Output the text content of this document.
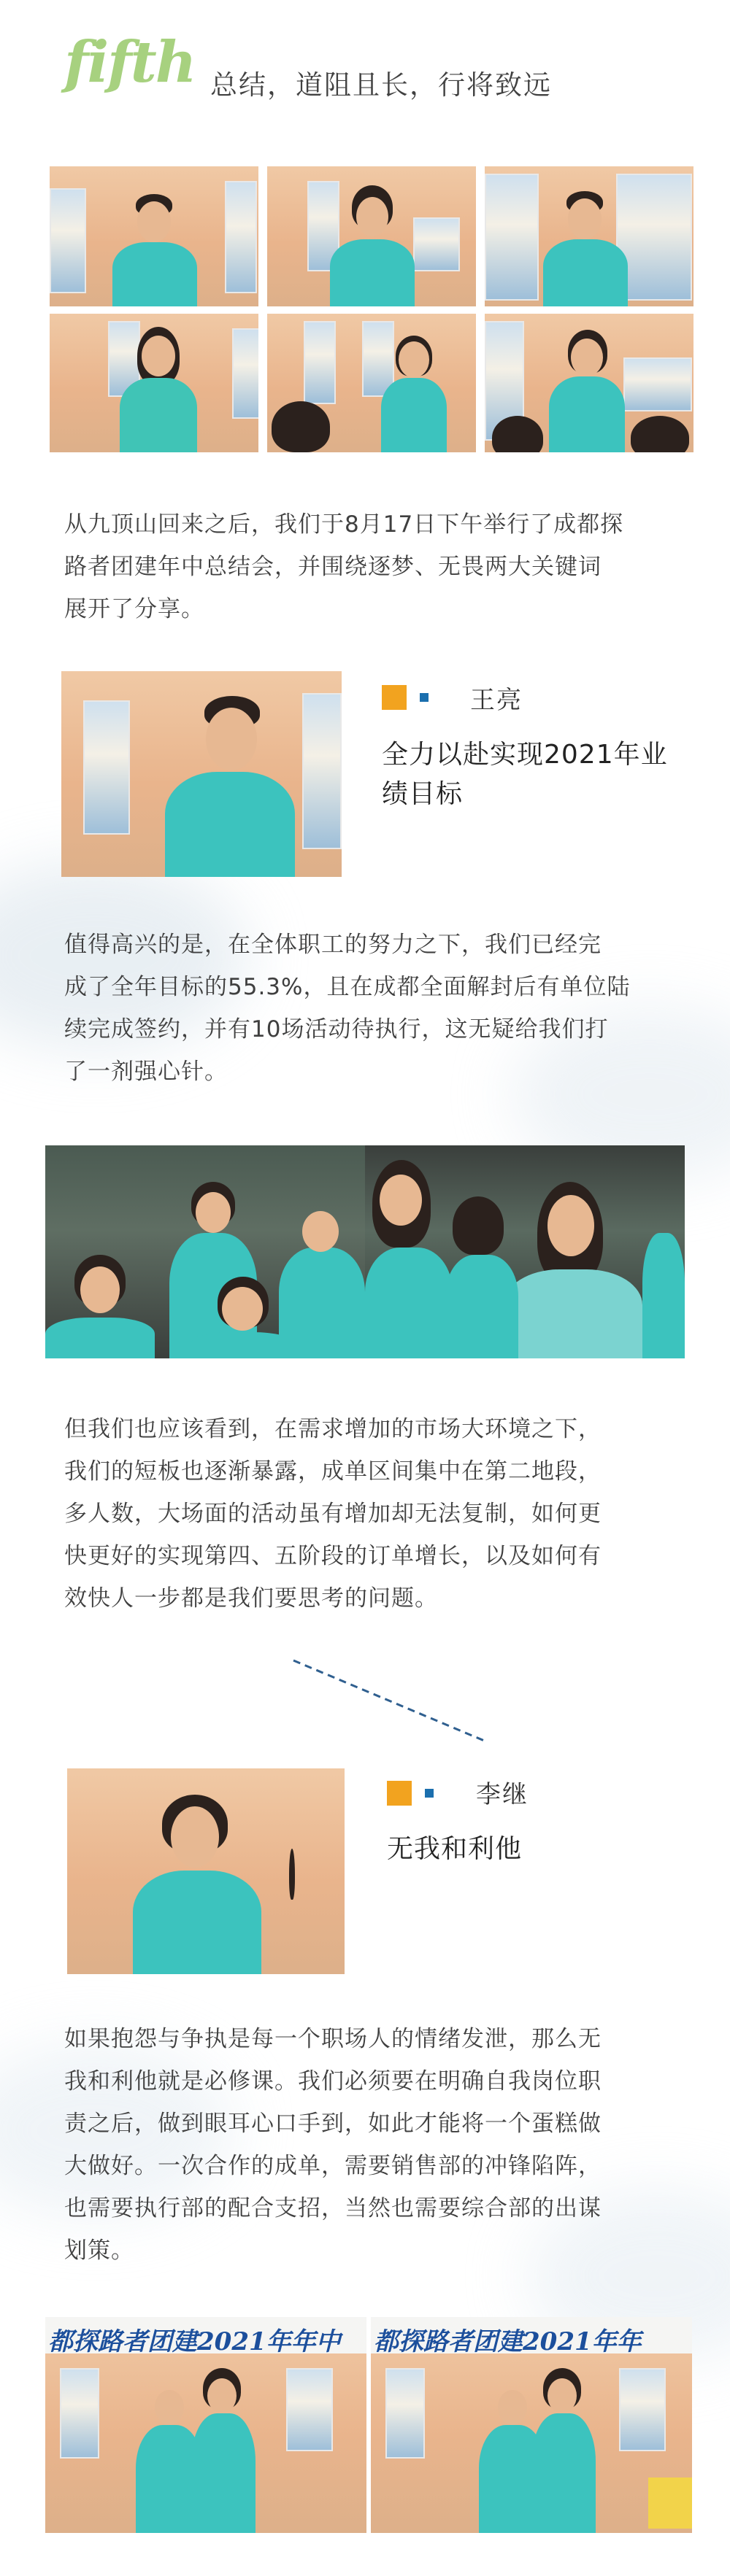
fifth 总结，道阻且长，行将致远
从九顶山回来之后，我们于8月17日下午举行了成都探
路者团建年中总结会，并围绕逐梦、无畏两大关键词
展开了分享。
王亮
全力以赴实现2021年业
绩目标
值得高兴的是，在全体职工的努力之下，我们已经完
成了全年目标的55.3%，且在成都全面解封后有单位陆
续完成签约，并有10场活动待执行，这无疑给我们打
了一剂强心针。
但我们也应该看到，在需求增加的市场大环境之下，
我们的短板也逐渐暴露，成单区间集中在第二地段，
多人数，大场面的活动虽有增加却无法复制，如何更
快更好的实现第四、五阶段的订单增长，以及如何有
效快人一步都是我们要思考的问题。
李继
无我和利他
如果抱怨与争执是每一个职场人的情绪发泄，那么无
我和利他就是必修课。我们必须要在明确自我岗位职
责之后，做到眼耳心口手到，如此才能将一个蛋糕做
大做好。一次合作的成单，需要销售部的冲锋陷阵，
也需要执行部的配合支招，当然也需要综合部的出谋
划策。
都探路者团建2021年年中 都探路者团建2021年年
